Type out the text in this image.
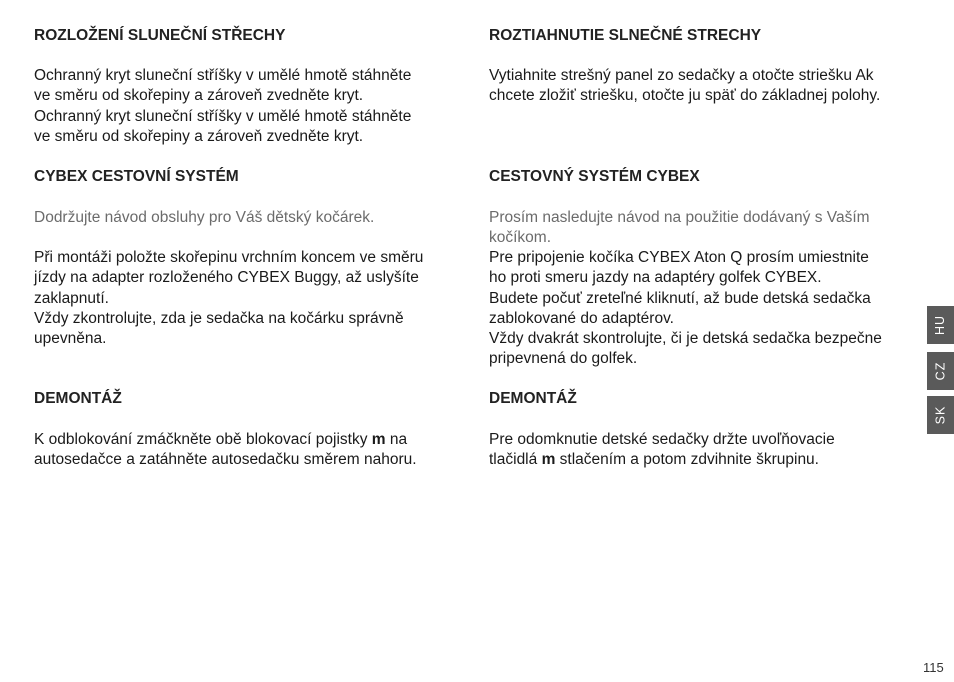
ROZLOŽENÍ SLUNEČNÍ STŘECHY
Ochranný kryt sluneční stříšky v umělé hmotě stáhněte
ve směru od skořepiny a zároveň zvedněte kryt.
Ochranný kryt sluneční stříšky v umělé hmotě stáhněte
ve směru od skořepiny a zároveň zvedněte kryt.
CYBEX CESTOVNÍ SYSTÉM
Dodržujte návod obsluhy pro Váš dětský kočárek.
Při montáži položte skořepinu vrchním koncem ve směru
jízdy na adapter rozloženého CYBEX Buggy, až uslyšíte
zaklapnutí.
Vždy zkontrolujte, zda je sedačka na kočárku správně
upevněna.
DEMONTÁŽ
K odblokování zmáčkněte obě blokovací pojistky m na
autosedačce a zatáhněte autosedačku směrem nahoru.
ROZTIAHNUTIE SLNEČNÉ STRECHY
Vytiahnite strešný panel zo sedačky a otočte striešku Ak
chcete zložiť striešku, otočte ju späť do základnej polohy.
CESTOVNÝ SYSTÉM CYBEX
Prosím nasledujte návod na použitie dodávaný s Vaším
kočíkom.
Pre pripojenie kočíka CYBEX Aton Q prosím umiestnite
ho proti smeru jazdy na adaptéry golfek CYBEX.
Budete počuť zreteľné kliknutí, až bude detská sedačka
zablokované do adaptérov.
Vždy dvakrát skontrolujte, či je detská sedačka bezpečne
pripevnená do golfek.
DEMONTÁŽ
Pre odomknutie detské sedačky držte uvoľňovacie
tlačidlá m stlačením a potom zdvihnite škrupinu.
HU
CZ
SK
115
